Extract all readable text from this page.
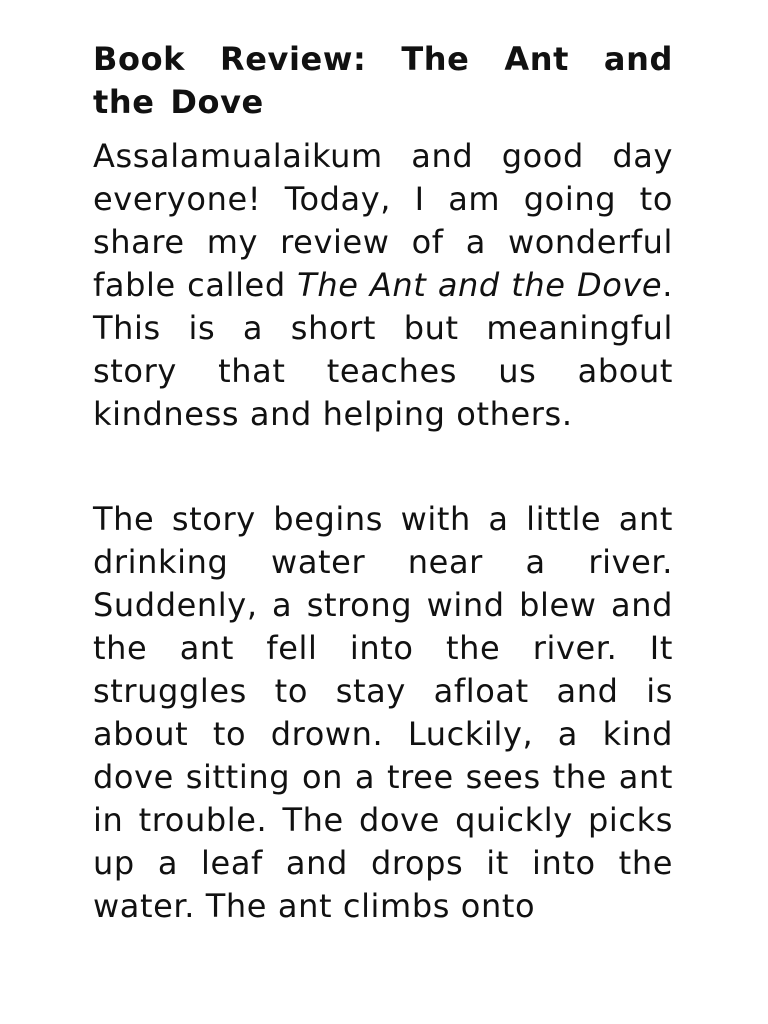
Book Review: The Ant and the Dove

Assalamualaikum and good day everyone! Today, I am going to share my review of a wonderful fable called The Ant and the Dove. This is a short but meaningful story that teaches us about kindness and helping others.

The story begins with a little ant drinking water near a river. Suddenly, a strong wind blew and the ant fell into the river. It struggles to stay afloat and is about to drown. Luckily, a kind dove sitting on a tree sees the ant in trouble. The dove quickly picks up a leaf and drops it into the water. The ant climbs onto
